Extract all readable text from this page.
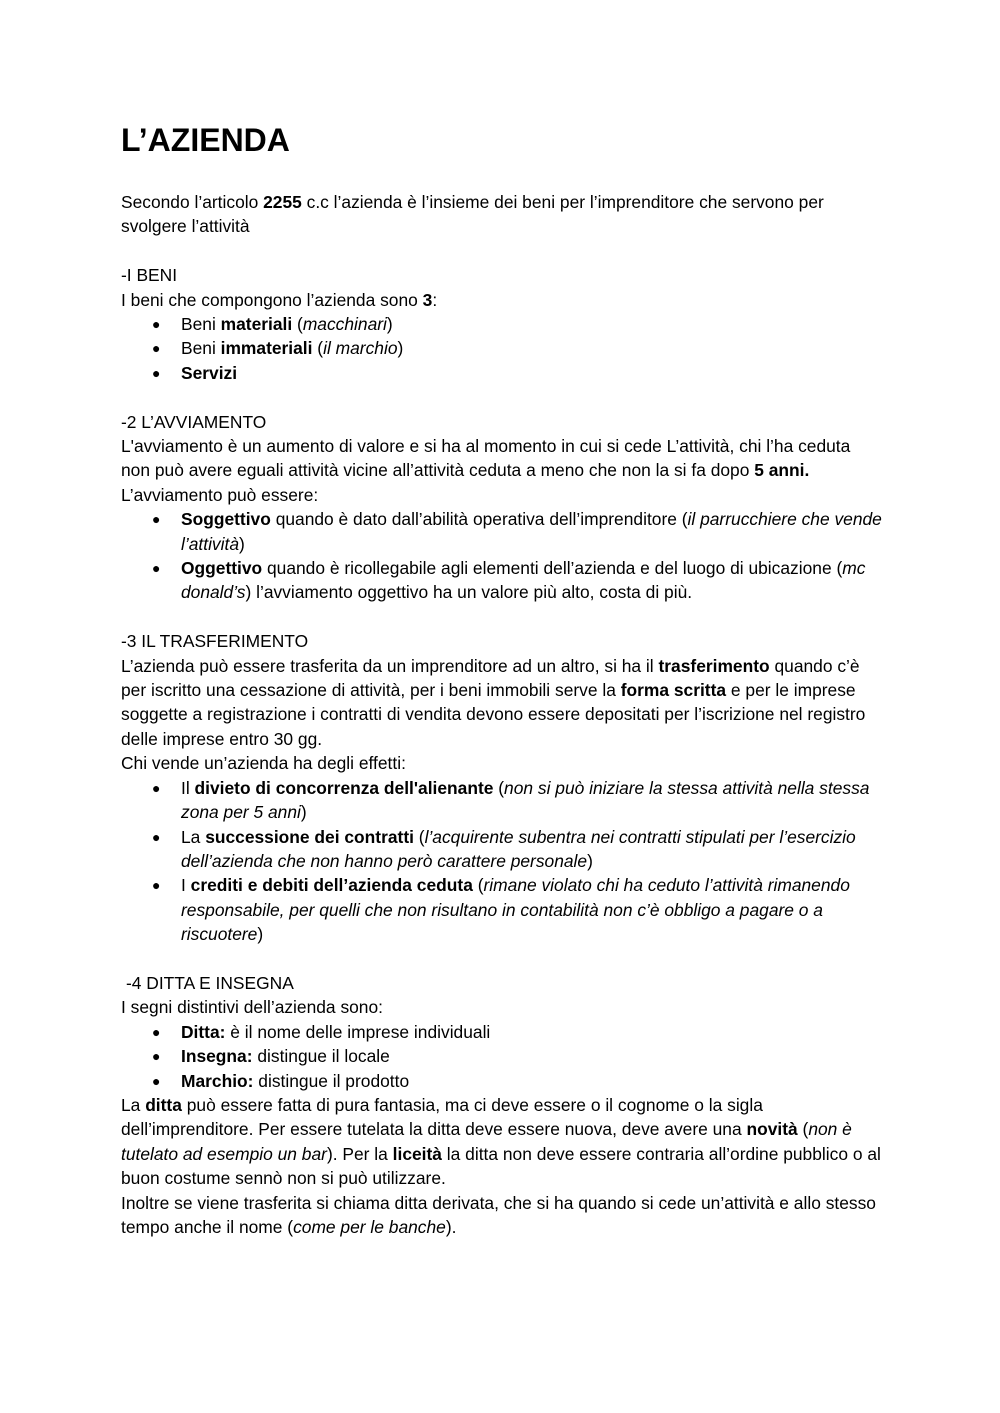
L’AZIENDA

Secondo l’articolo 2255 c.c l’azienda è l’insieme dei beni per l’imprenditore che servono per svolgere l’attività

-I BENI

I beni che compongono l’azienda sono 3:

● Beni materiali (macchinari)
● Beni immateriali (il marchio)
● Servizi

-2 L’AVVIAMENTO

L'avviamento è un aumento di valore e si ha al momento in cui si cede L’attività, chi l’ha ceduta non può avere eguali attività vicine all’attività ceduta a meno che non la si fa dopo 5 anni.

L’avviamento può essere:

● Soggettivo quando è dato dall’abilità operativa dell’imprenditore (il parrucchiere che vende l’attività)
● Oggettivo quando è ricollegabile agli elementi dell’azienda e del luogo di ubicazione (mc donald’s) l’avviamento oggettivo ha un valore più alto, costa di più.

-3 IL TRASFERIMENTO

L’azienda può essere trasferita da un imprenditore ad un altro, si ha il trasferimento quando c’è per iscritto una cessazione di attività, per i beni immobili serve la forma scritta e per le imprese soggette a registrazione i contratti di vendita devono essere depositati per l’iscrizione nel registro delle imprese entro 30 gg.

Chi vende un’azienda ha degli effetti:

● Il divieto di concorrenza dell'alienante (non si può iniziare la stessa attività nella stessa zona per 5 anni)
● La successione dei contratti (l’acquirente subentra nei contratti stipulati per l’esercizio dell’azienda che non hanno però carattere personale)
● I crediti e debiti dell’azienda ceduta (rimane violato chi ha ceduto l’attività rimanendo responsabile, per quelli che non risultano in contabilità non c’è obbligo a pagare o a riscuotere)

-4 DITTA E INSEGNA

I segni distintivi dell’azienda sono:

● Ditta: è il nome delle imprese individuali
● Insegna: distingue il locale
● Marchio: distingue il prodotto

La ditta può essere fatta di pura fantasia, ma ci deve essere o il cognome o la sigla dell’imprenditore. Per essere tutelata la ditta deve essere nuova, deve avere una novità (non è tutelato ad esempio un bar). Per la liceità la ditta non deve essere contraria all’ordine pubblico o al buon costume sennò non si può utilizzare.

Inoltre se viene trasferita si chiama ditta derivata, che si ha quando si cede un’attività e allo stesso tempo anche il nome (come per le banche).
